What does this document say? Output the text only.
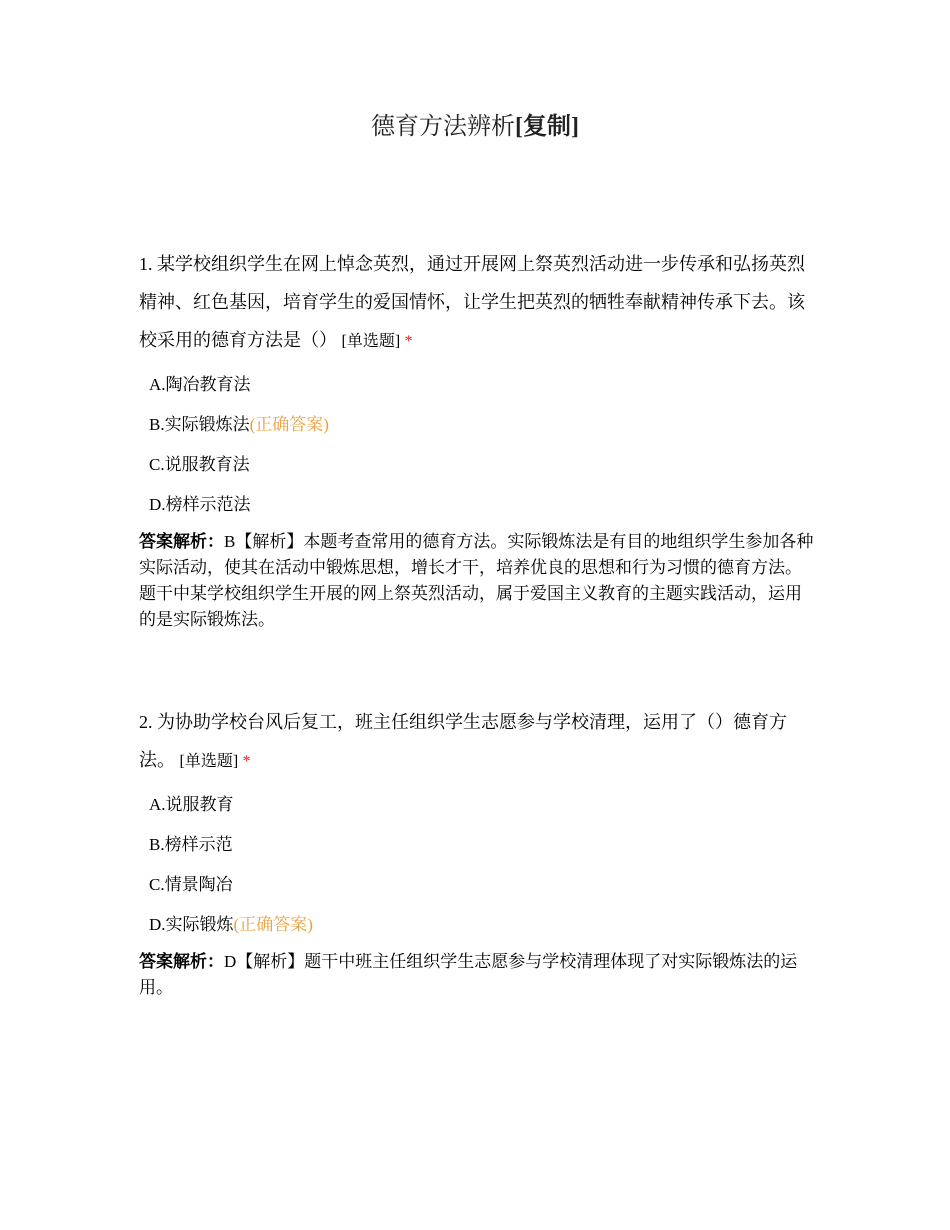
德育方法辨析[复制]

1. 某学校组织学生在网上悼念英烈，通过开展网上祭英烈活动进一步传承和弘扬英烈精神、红色基因，培育学生的爱国情怀，让学生把英烈的牺牲奉献精神传承下去。该校采用的德育方法是（） [单选题] *

A.陶冶教育法
B.实际锻炼法(正确答案)
C.说服教育法
D.榜样示范法

答案解析：B【解析】本题考查常用的德育方法。实际锻炼法是有目的地组织学生参加各种实际活动，使其在活动中锻炼思想，增长才干，培养优良的思想和行为习惯的德育方法。题干中某学校组织学生开展的网上祭英烈活动，属于爱国主义教育的主题实践活动，运用的是实际锻炼法。

2. 为协助学校台风后复工，班主任组织学生志愿参与学校清理，运用了（）德育方法。 [单选题] *

A.说服教育
B.榜样示范
C.情景陶冶
D.实际锻炼(正确答案)

答案解析：D【解析】题干中班主任组织学生志愿参与学校清理体现了对实际锻炼法的运用。
